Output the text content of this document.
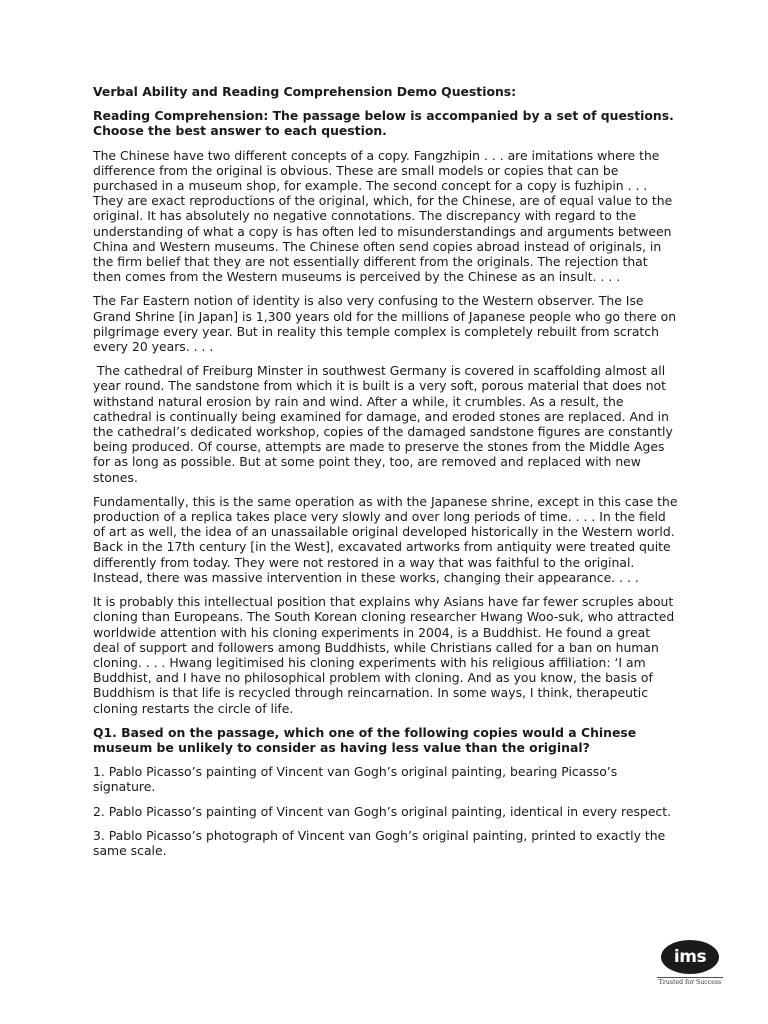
Verbal Ability and Reading Comprehension Demo Questions:

Reading Comprehension: The passage below is accompanied by a set of questions. Choose the best answer to each question.

The Chinese have two different concepts of a copy. Fangzhipin . . . are imitations where the difference from the original is obvious. These are small models or copies that can be purchased in a museum shop, for example. The second concept for a copy is fuzhipin . . . They are exact reproductions of the original, which, for the Chinese, are of equal value to the original. It has absolutely no negative connotations. The discrepancy with regard to the understanding of what a copy is has often led to misunderstandings and arguments between China and Western museums. The Chinese often send copies abroad instead of originals, in the firm belief that they are not essentially different from the originals. The rejection that then comes from the Western museums is perceived by the Chinese as an insult. . . .

The Far Eastern notion of identity is also very confusing to the Western observer. The Ise Grand Shrine [in Japan] is 1,300 years old for the millions of Japanese people who go there on pilgrimage every year. But in reality this temple complex is completely rebuilt from scratch every 20 years. . . .

The cathedral of Freiburg Minster in southwest Germany is covered in scaffolding almost all year round. The sandstone from which it is built is a very soft, porous material that does not withstand natural erosion by rain and wind. After a while, it crumbles. As a result, the cathedral is continually being examined for damage, and eroded stones are replaced. And in the cathedral’s dedicated workshop, copies of the damaged sandstone figures are constantly being produced. Of course, attempts are made to preserve the stones from the Middle Ages for as long as possible. But at some point they, too, are removed and replaced with new stones.

Fundamentally, this is the same operation as with the Japanese shrine, except in this case the production of a replica takes place very slowly and over long periods of time. . . . In the field of art as well, the idea of an unassailable original developed historically in the Western world. Back in the 17th century [in the West], excavated artworks from antiquity were treated quite differently from today. They were not restored in a way that was faithful to the original. Instead, there was massive intervention in these works, changing their appearance. . . .

It is probably this intellectual position that explains why Asians have far fewer scruples about cloning than Europeans. The South Korean cloning researcher Hwang Woo-suk, who attracted worldwide attention with his cloning experiments in 2004, is a Buddhist. He found a great deal of support and followers among Buddhists, while Christians called for a ban on human cloning. . . . Hwang legitimised his cloning experiments with his religious affiliation: ‘I am Buddhist, and I have no philosophical problem with cloning. And as you know, the basis of Buddhism is that life is recycled through reincarnation. In some ways, I think, therapeutic cloning restarts the circle of life.

Q1. Based on the passage, which one of the following copies would a Chinese museum be unlikely to consider as having less value than the original?

1. Pablo Picasso’s painting of Vincent van Gogh’s original painting, bearing Picasso’s signature.

2. Pablo Picasso’s painting of Vincent van Gogh’s original painting, identical in every respect.

3. Pablo Picasso’s photograph of Vincent van Gogh’s original painting, printed to exactly the same scale.

ims
Trusted for Success
